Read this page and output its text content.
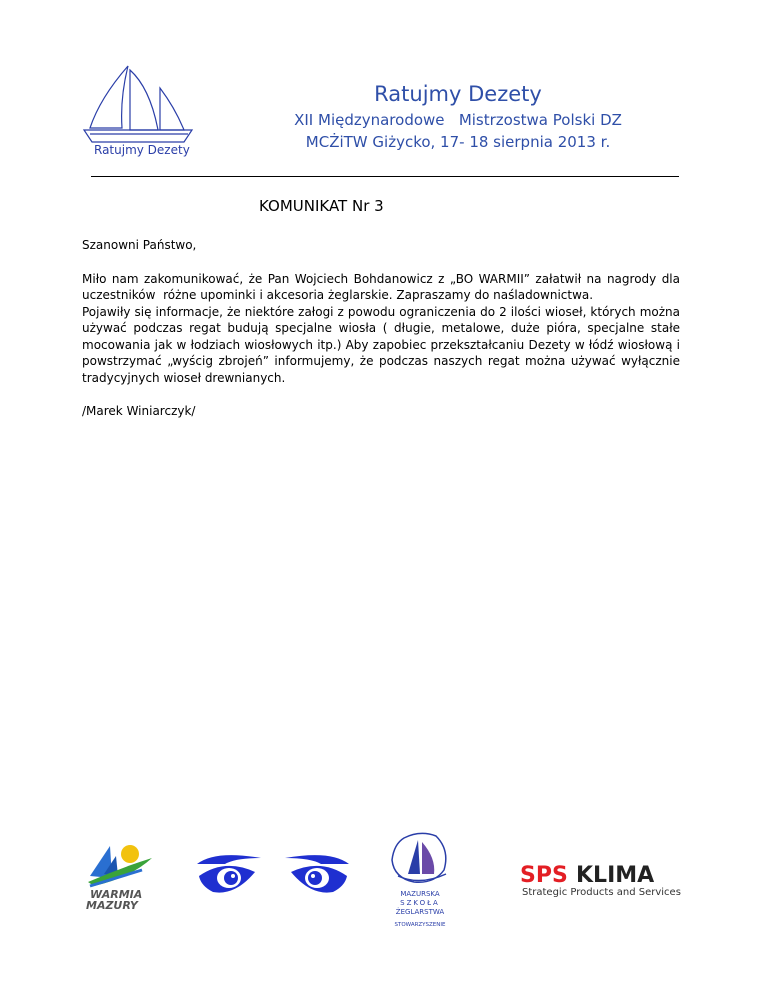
Ratujmy Dezety
Ratujmy Dezety
XII Międzynarodowe   Mistrzostwa Polski DZ
MCŻiTW Giżycko, 17- 18 sierpnia 2013 r.
KOMUNIKAT Nr 3

Szanowni Państwo,

Miło nam zakomunikować, że Pan Wojciech Bohdanowicz z „BO WARMII” załatwił na nagrody dla uczestników  różne upominki i akcesoria żeglarskie. Zapraszamy do naśladownictwa.

Pojawiły się informacje, że niektóre załogi z powodu ograniczenia do 2 ilości wioseł, których można używać podczas regat budują specjalne wiosła ( długie, metalowe, duże pióra, specjalne stałe mocowania jak w łodziach wiosłowych itp.) Aby zapobiec przekształcaniu Dezety w łódź wiosłową i powstrzymać „wyścig zbrojeń” informujemy, że podczas naszych regat można używać wyłącznie tradycyjnych wioseł drewnianych.

/Marek Winiarczyk/

WARMIA
MAZURY
MAZURSKA
SZKOŁA
ŻEGLARSTWA
STOWARZYSZENIE
SPS KLIMA
Strategic Products and Services
